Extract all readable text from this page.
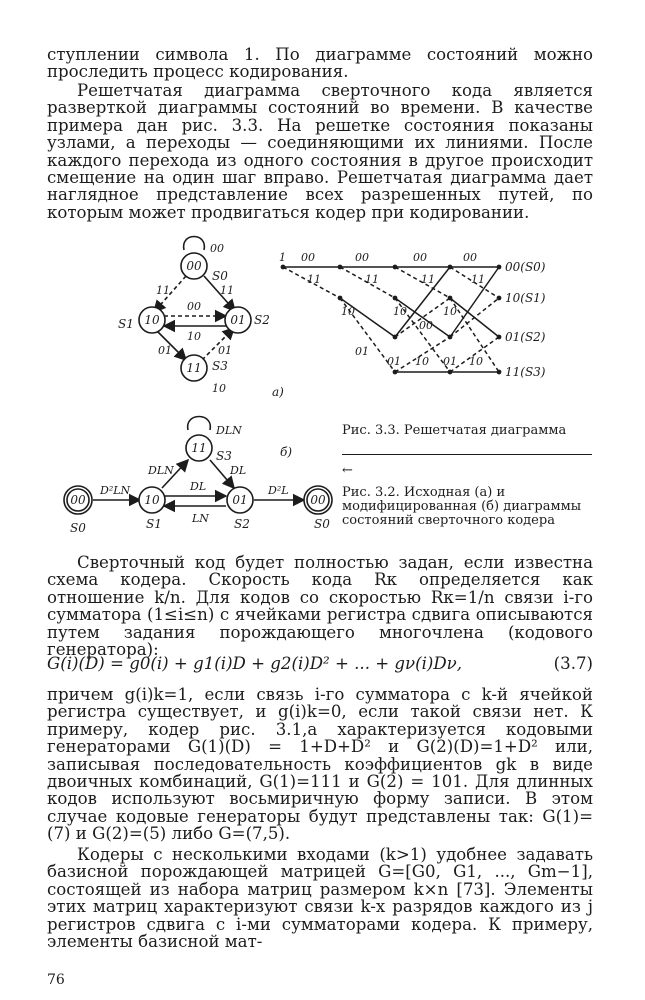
ступлении символа 1. По диаграмме состояний можно проследить процесс кодирования.

Решетчатая диаграмма сверточного кода является разверткой диаграммы состояний во времени. В качестве примера дан рис. 3.3. На решетке состояния показаны узлами, а переходы — соединяющими их линиями. После каждого перехода из одного состояния в другое происходит смещение на один шаг вправо. Решетчатая диаграмма дает наглядное представление всех разрешенных путей, по которым может продвигаться кодер при кодировании.

00
10	01
11
S0
S1	S2
S3
00
11	11
00
10
01	01
10	a)
1
00(S0)
10(S1)
01(S2)
11(S3)
00	00	00	00
11	11	11	11
10	10	10
00
01
01 10 01 10

Рис. 3.3. Решетчатая диаграмма

←

00	10	01
11
00
S0	S1	S2
S3
S0
D²LN
DLN	DL
DL
LN
D²L
DLN
б)

Рис. 3.2. Исходная (а) и модифицированная (б) диаграммы состояний сверточного кодера

Сверточный код будет полностью задан, если известна схема кодера. Скорость кода Rк определяется как отношение k/n. Для кодов со скоростью Rк=1/n связи i-го сумматора (1≤i≤n) с ячейками регистра сдвига описываются путем задания порождающего многочлена (кодового генератора):

G(i)(D) = g0(i) + g1(i)D + g2(i)D² + ... + gν(i)Dν,	(3.7)

причем g(i)k=1, если связь i-го сумматора с k-й ячейкой регистра существует, и g(i)k=0, если такой связи нет. К примеру, кодер рис. 3.1,а характеризуется кодовыми генераторами G(1)(D) = 1+D+D² и G(2)(D)=1+D² или, записывая последовательность коэффициентов gk в виде двоичных комбинаций, G(1)=111 и G(2) = 101. Для длинных кодов используют восьмиричную форму записи. В этом случае кодовые генераторы будут представлены так: G(1)=(7) и G(2)=(5) либо G=(7,5).

Кодеры с несколькими входами (k>1) удобнее задавать базисной порождающей матрицей G=[G0, G1, ..., Gm−1], состоящей из набора матриц размером k×n [73]. Элементы этих матриц характеризуют связи k-х разрядов каждого из j регистров сдвига с i-ми сумматорами кодера. К примеру, элементы базисной мат-

76
